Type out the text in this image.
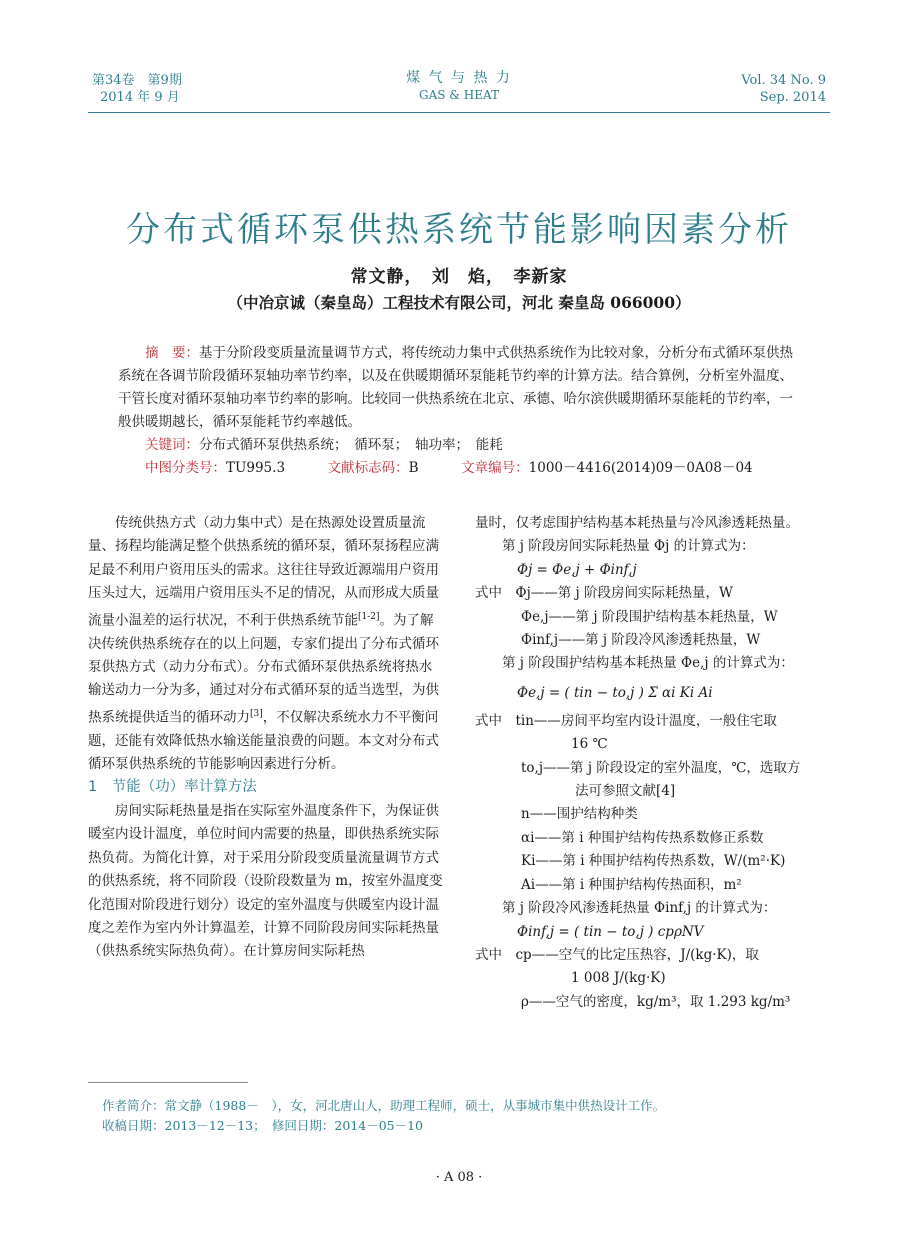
第34卷　第9期
2014 年 9 月
煤 气 与 热 力
GAS & HEAT
Vol. 34 No. 9
Sep. 2014
分布式循环泵供热系统节能影响因素分析
常文静，　刘　焰，　李新家
（中冶京诚（秦皇岛）工程技术有限公司，河北 秦皇岛 066000）

摘　要：基于分阶段变质量流量调节方式，将传统动力集中式供热系统作为比较对象，分析分布式循环泵供热系统在各调节阶段循环泵轴功率节约率，以及在供暖期循环泵能耗节约率的计算方法。结合算例，分析室外温度、干管长度对循环泵轴功率节约率的影响。比较同一供热系统在北京、承德、哈尔滨供暖期循环泵能耗的节约率，一般供暖期越长，循环泵能耗节约率越低。

关键词：分布式循环泵供热系统；　循环泵；　轴功率；　能耗

中图分类号：TU995.3	文献标志码：B	文章编号：1000－4416(2014)09－0A08－04

传统供热方式（动力集中式）是在热源处设置质量流量、扬程均能满足整个供热系统的循环泵，循环泵扬程应满足最不利用户资用压头的需求。这往往导致近源端用户资用压头过大，远端用户资用压头不足的情况，从而形成大质量流量小温差的运行状况，不利于供热系统节能[1-2]。为了解决传统供热系统存在的以上问题，专家们提出了分布式循环泵供热方式（动力分布式）。分布式循环泵供热系统将热水输送动力一分为多，通过对分布式循环泵的适当选型，为供热系统提供适当的循环动力[3]，不仅解决系统水力不平衡问题，还能有效降低热水输送能量浪费的问题。本文对分布式循环泵供热系统的节能影响因素进行分析。

1　节能（功）率计算方法

房间实际耗热量是指在实际室外温度条件下，为保证供暖室内设计温度，单位时间内需要的热量，即供热系统实际热负荷。为简化计算，对于采用分阶段变质量流量调节方式的供热系统，将不同阶段（设阶段数量为 m，按室外温度变化范围对阶段进行划分）设定的室外温度与供暖室内设计温度之差作为室内外计算温差，计算不同阶段房间实际耗热量（供热系统实际热负荷）。在计算房间实际耗热

量时，仅考虑围护结构基本耗热量与冷风渗透耗热量。

第 j 阶段房间实际耗热量 Φj 的计算式为：

Φj = Φe,j + Φinf,j

式中　Φj——第 j 阶段房间实际耗热量，W

Φe,j——第 j 阶段围护结构基本耗热量，W

Φinf,j——第 j 阶段冷风渗透耗热量，W

第 j 阶段围护结构基本耗热量 Φe,j 的计算式为：

Φe,j = ( tin − to,j ) Σ αi Ki Ai

式中　tin——房间平均室内设计温度，一般住宅取

16 ℃

to,j——第 j 阶段设定的室外温度，℃，选取方

法可参照文献[4]

n——围护结构种类

αi——第 i 种围护结构传热系数修正系数

Ki——第 i 种围护结构传热系数，W/(m²·K)

Ai——第 i 种围护结构传热面积，m²

第 j 阶段冷风渗透耗热量 Φinf,j 的计算式为：

Φinf,j = ( tin − to,j ) cpρNV

式中　cp——空气的比定压热容，J/(kg·K)，取

1 008 J/(kg·K)

ρ——空气的密度，kg/m³，取 1.293 kg/m³

作者简介：常文静（1988－　），女，河北唐山人，助理工程师，硕士，从事城市集中供热设计工作。
收稿日期：2013－12－13；　 修回日期：2014－05－10
· A 08 ·
